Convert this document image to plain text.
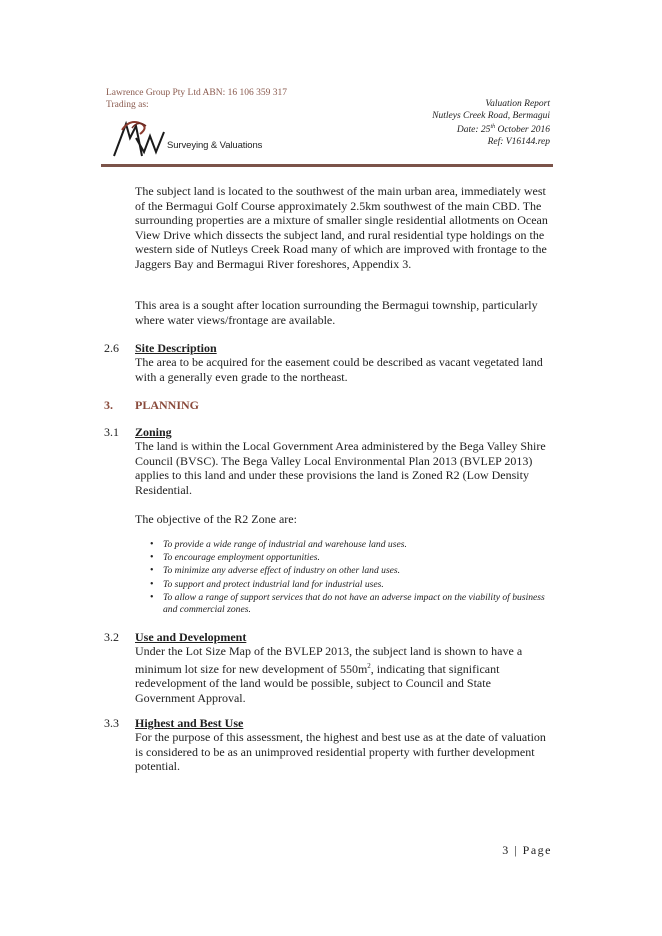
Lawrence Group Pty Ltd ABN: 16 106 359 317
Trading as:
Surveying & Valuations
Valuation Report
Nutleys Creek Road, Bermagui
Date: 25th October 2016
Ref: V16144.rep

The subject land is located to the southwest of the main urban area, immediately west of the Bermagui Golf Course approximately 2.5km southwest of the main CBD. The surrounding properties are a mixture of smaller single residential allotments on Ocean View Drive which dissects the subject land, and rural residential type holdings on the western side of Nutleys Creek Road many of which are improved with frontage to the Jaggers Bay and Bermagui River foreshores, Appendix 3.

This area is a sought after location surrounding the Bermagui township, particularly where water views/frontage are available.

2.6 Site Description

The area to be acquired for the easement could be described as vacant vegetated land with a generally even grade to the northeast.

3. PLANNING
3.1 Zoning

The land is within the Local Government Area administered by the Bega Valley Shire Council (BVSC). The Bega Valley Local Environmental Plan 2013 (BVLEP 2013) applies to this land and under these provisions the land is Zoned R2 (Low Density Residential.

The objective of the R2 Zone are:

• To provide a wide range of industrial and warehouse land uses.
• To encourage employment opportunities.
• To minimize any adverse effect of industry on other land uses.
• To support and protect industrial land for industrial uses.
• To allow a range of support services that do not have an adverse impact on the viability of business and commercial zones.
3.2 Use and Development

Under the Lot Size Map of the BVLEP 2013, the subject land is shown to have a minimum lot size for new development of $550m^2$, indicating that significant redevelopment of the land would be possible, subject to Council and State Government Approval.

3.3 Highest and Best Use

For the purpose of this assessment, the highest and best use as at the date of valuation is considered to be as an unimproved residential property with further development potential.

3 | Page
